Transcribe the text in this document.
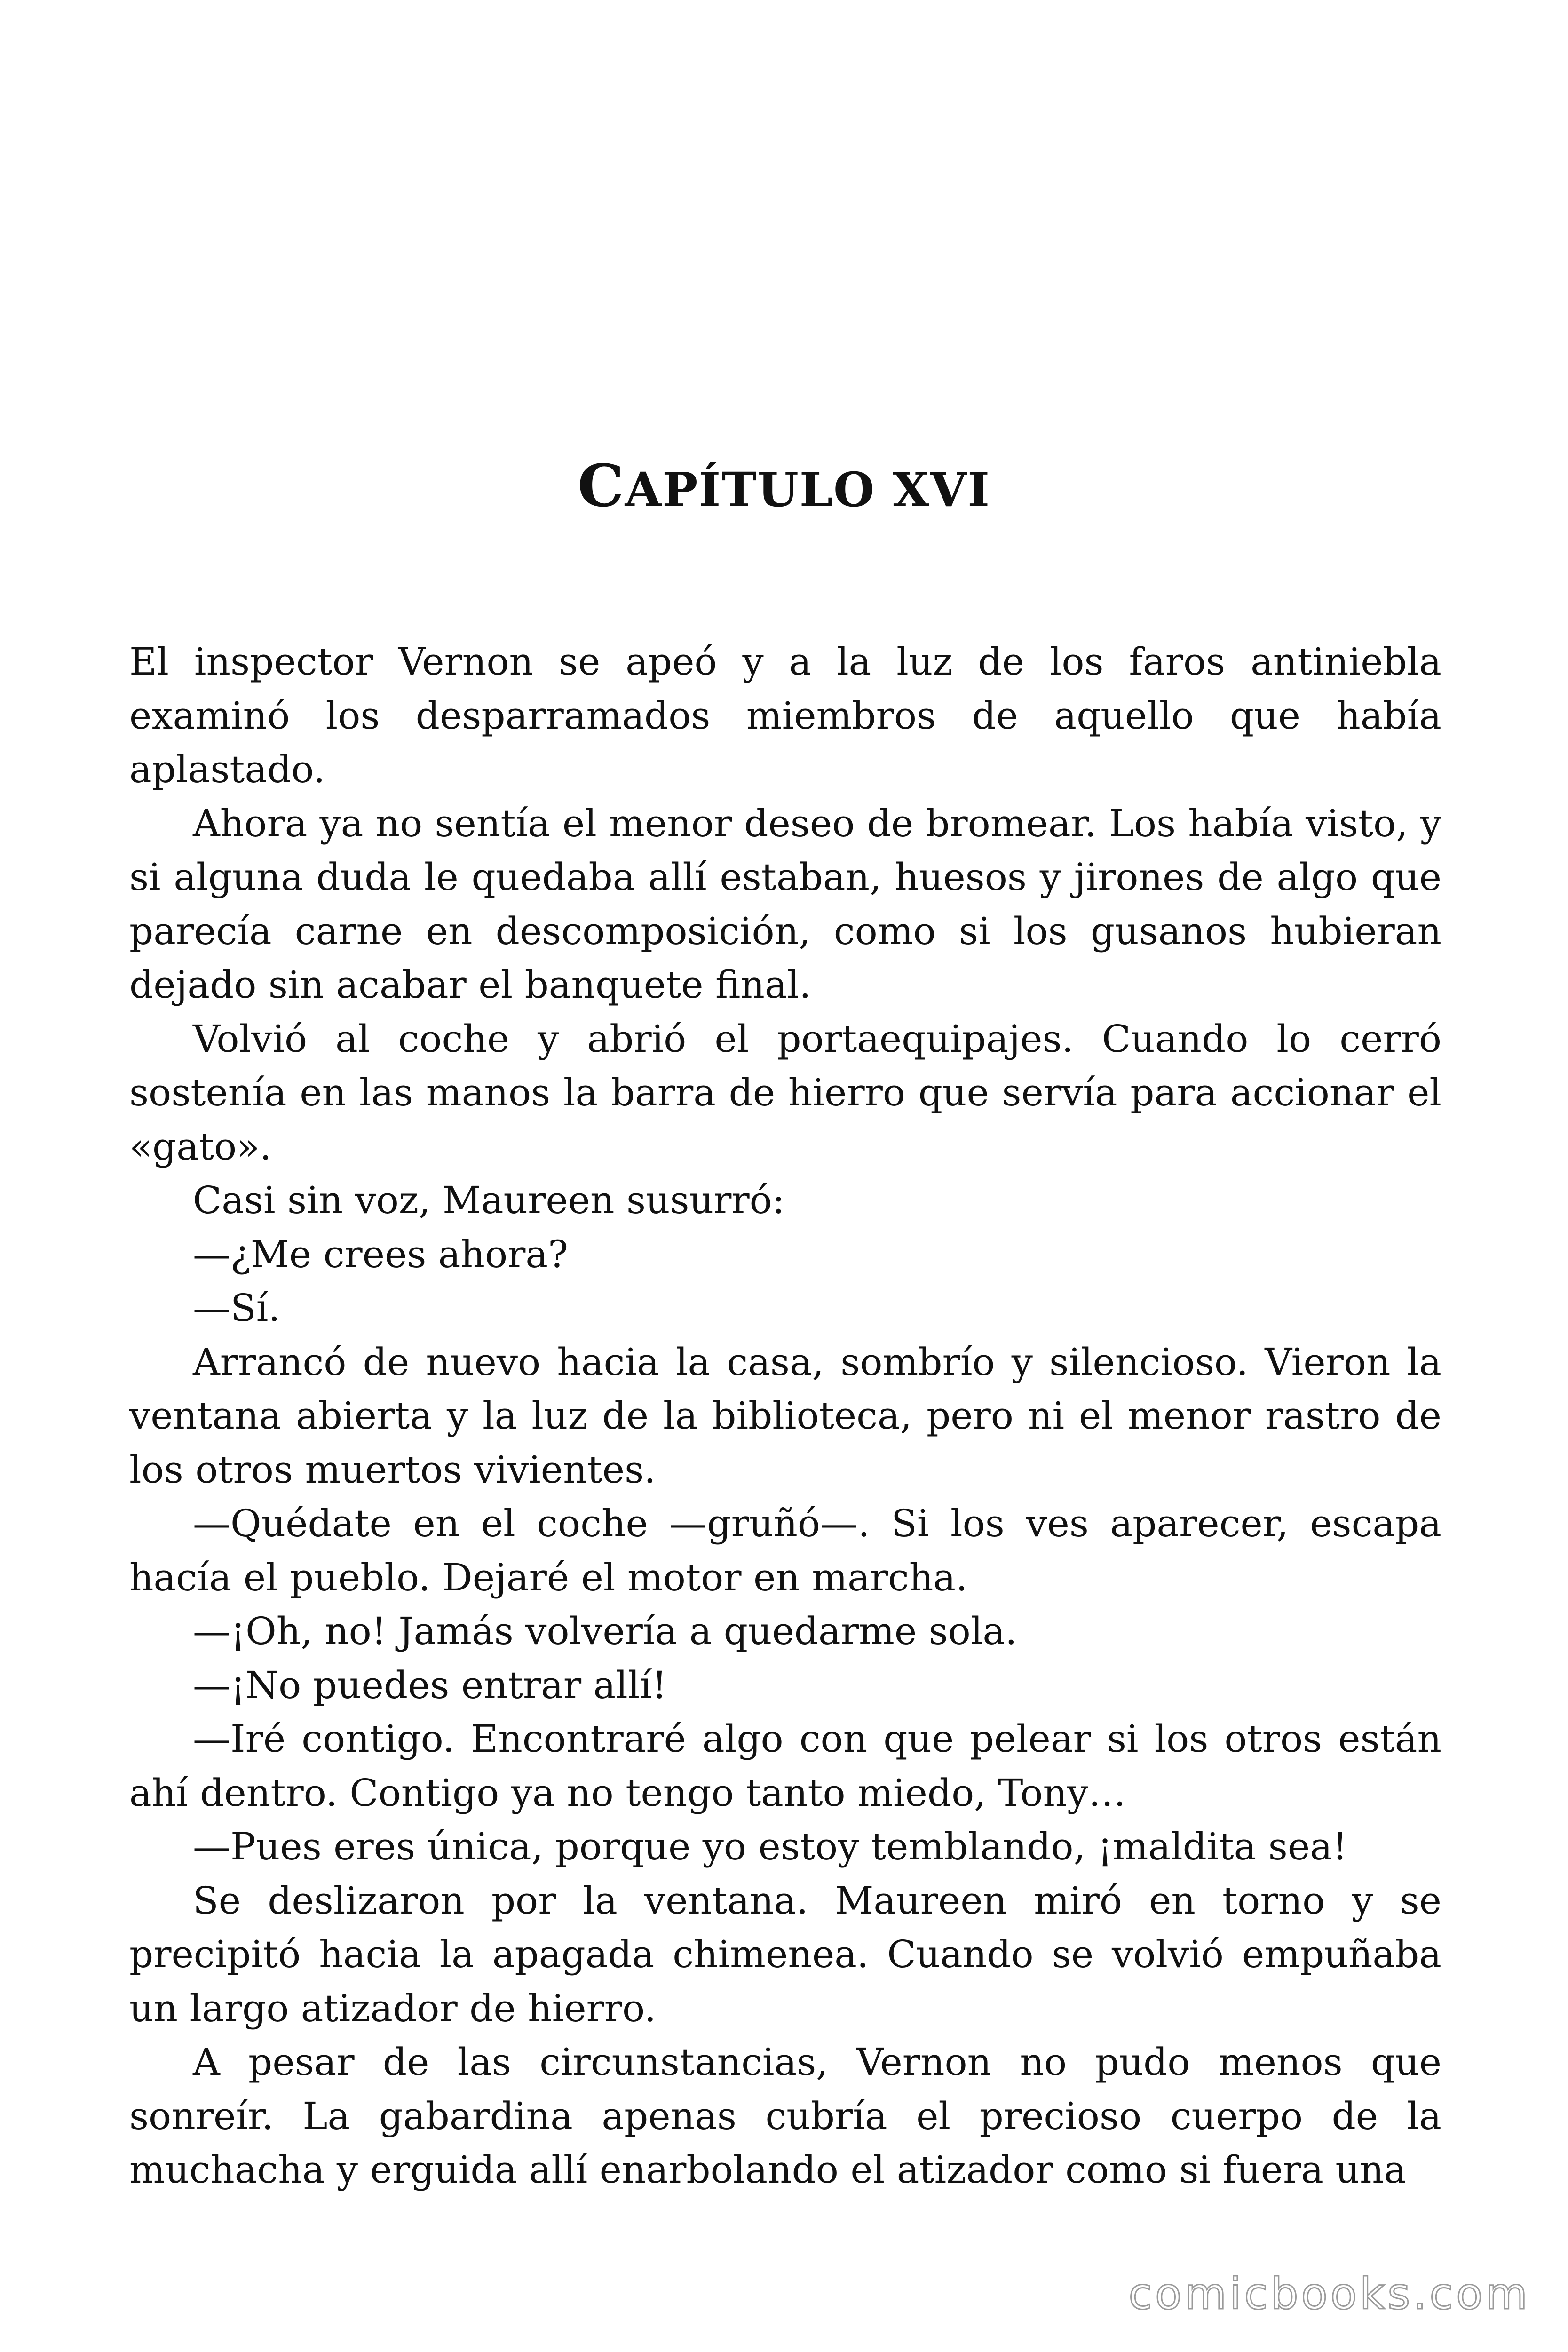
CAPÍTULO XVI

El inspector Vernon se apeó y a la luz de los faros antiniebla examinó los desparramados miembros de aquello que había aplastado.

Ahora ya no sentía el menor deseo de bromear. Los había visto, y si alguna duda le quedaba allí estaban, huesos y jirones de algo que parecía carne en descomposición, como si los gusanos hubieran dejado sin acabar el banquete final.

Volvió al coche y abrió el portaequipajes. Cuando lo cerró sostenía en las manos la barra de hierro que servía para accionar el «gato».

Casi sin voz, Maureen susurró:

—¿Me crees ahora?

—Sí.

Arrancó de nuevo hacia la casa, sombrío y silencioso. Vieron la ventana abierta y la luz de la biblioteca, pero ni el menor rastro de los otros muertos vivientes.

—Quédate en el coche —gruñó—. Si los ves aparecer, escapa hacía el pueblo. Dejaré el motor en marcha.

—¡Oh, no! Jamás volvería a quedarme sola.

—¡No puedes entrar allí!

—Iré contigo. Encontraré algo con que pelear si los otros están ahí dentro. Contigo ya no tengo tanto miedo, Tony…

—Pues eres única, porque yo estoy temblando, ¡maldita sea!

Se deslizaron por la ventana. Maureen miró en torno y se precipitó hacia la apagada chimenea. Cuando se volvió empuñaba un largo atizador de hierro.

A pesar de las circunstancias, Vernon no pudo menos que sonreír. La gabardina apenas cubría el precioso cuerpo de la muchacha y erguida allí enarbolando el atizador como si fuera una

comicbooks.com
